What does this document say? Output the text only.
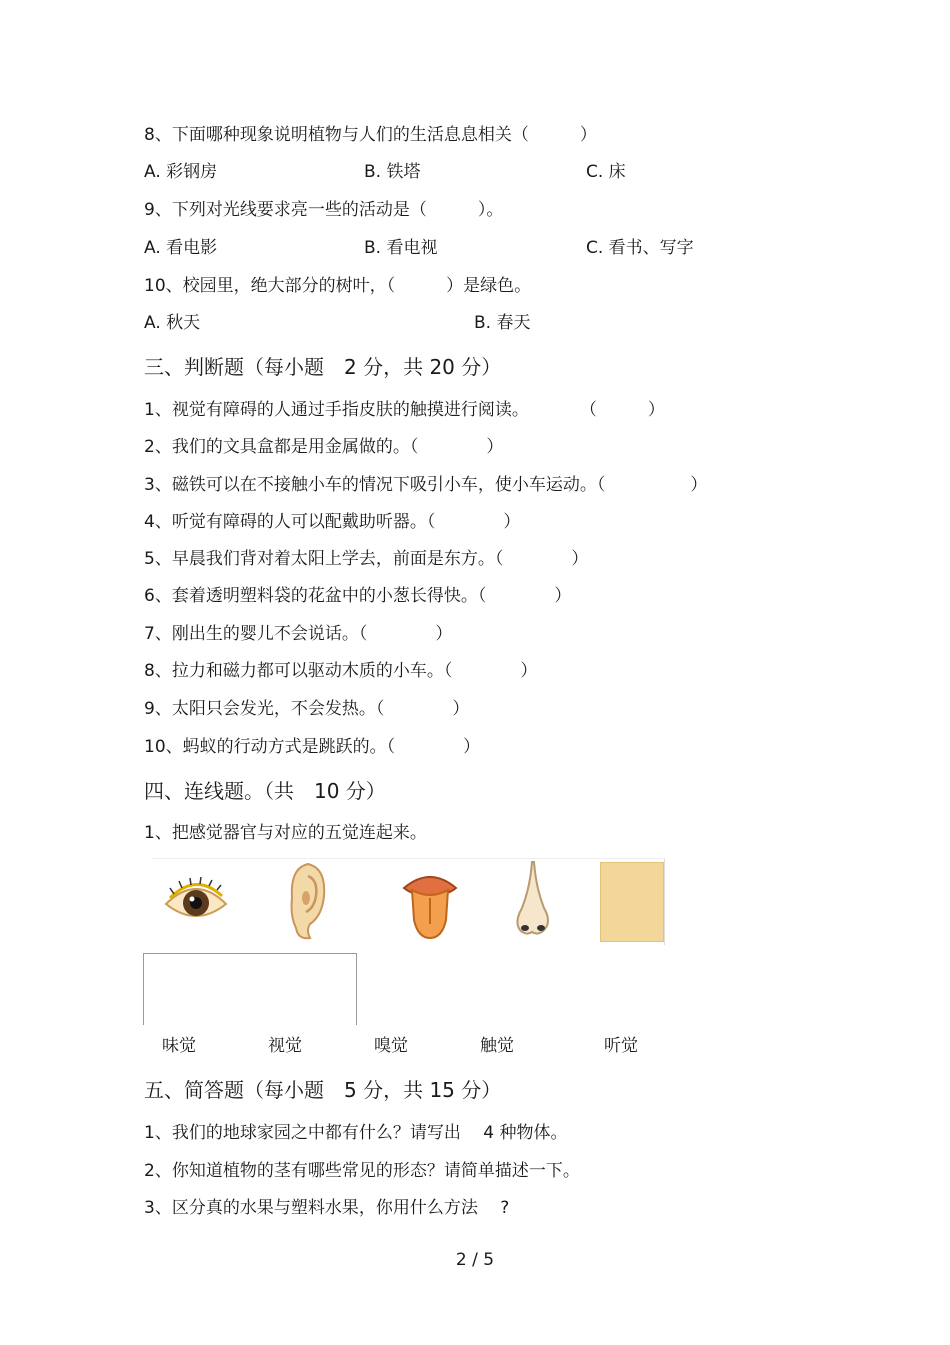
8、下面哪种现象说明植物与人们的生活息息相关（　　　）
A. 彩钢房	B. 铁塔	C. 床
9、下列对光线要求亮一些的活动是（　　　）。
A. 看电影	B. 看电视	C. 看书、写字
10、校园里，绝大部分的树叶，（　　　）是绿色。
A. 秋天	B. 春天
三、判断题（每小题　2 分，共 20 分）
1、视觉有障碍的人通过手指皮肤的触摸进行阅读。　　　　（　　　）
2、我们的文具盒都是用金属做的。（　　　　）
3、磁铁可以在不接触小车的情况下吸引小车，使小车运动。（　　　　　）
4、听觉有障碍的人可以配戴助听器。（　　　　）
5、早晨我们背对着太阳上学去，前面是东方。（　　　　）
6、套着透明塑料袋的花盆中的小葱长得快。（　　　　）
7、刚出生的婴儿不会说话。（　　　　）
8、拉力和磁力都可以驱动木质的小车。（　　　　）
9、太阳只会发光，不会发热。（　　　　）
10、蚂蚁的行动方式是跳跃的。（　　　　）
四、连线题。（共　10 分）
1、把感觉器官与对应的五觉连起来。
味觉	视觉	嗅觉	触觉	听觉
五、简答题（每小题　5 分，共 15 分）
1、我们的地球家园之中都有什么？请写出　 4 种物体。
2、你知道植物的茎有哪些常见的形态？请简单描述一下。
3、区分真的水果与塑料水果，你用什么方法　 ?
2 / 5
